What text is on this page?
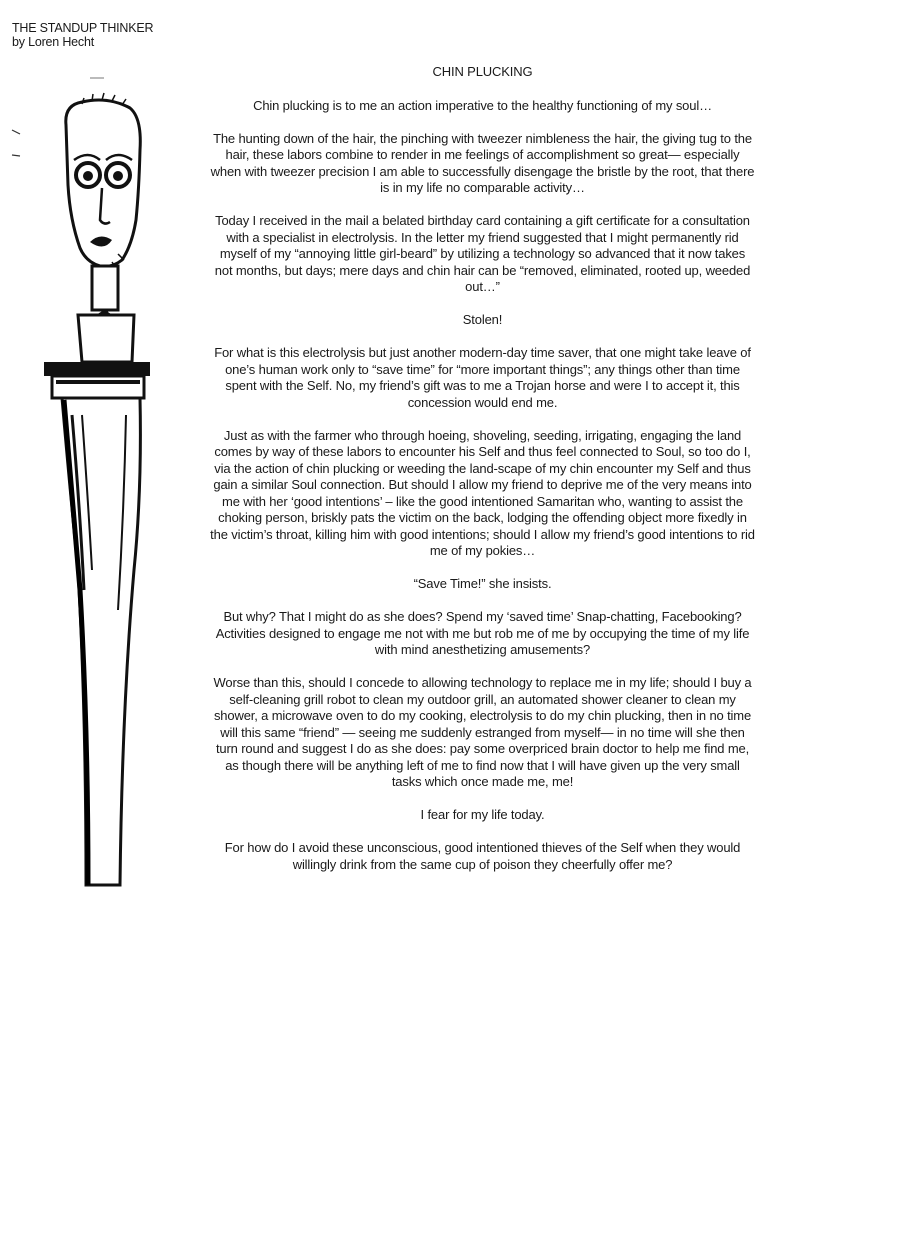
THE STANDUP THINKER
by Loren Hecht
CHIN PLUCKING

Chin plucking is to me an action imperative to the healthy functioning of my soul…

The hunting down of the hair, the pinching with tweezer nimbleness the hair, the giving tug to the hair, these labors combine to render in me feelings of accomplishment so great— especially when with tweezer precision I am able to successfully disengage the bristle by the root, that there is in my life no comparable activity…

Today I received in the mail a belated birthday card containing a gift certificate for a consultation with a specialist in electrolysis. In the letter my friend suggested that I might permanently rid myself of my “annoying little girl-beard” by utilizing a technology so advanced that it now takes not months, but days; mere days and chin hair can be “removed, eliminated, rooted up, weeded out…”

Stolen!

For what is this electrolysis but just another modern-day time saver, that one might take leave of one’s human work only to “save time” for “more important things”; any things other than time spent with the Self. No, my friend’s gift was to me a Trojan horse and were I to accept it, this concession would end me.

Just as with the farmer who through hoeing, shoveling, seeding, irrigating, engaging the land comes by way of these labors to encounter his Self and thus feel connected to Soul, so too do I, via the action of chin plucking or weeding the land-scape of my chin encounter my Self and thus gain a similar Soul connection. But should I allow my friend to deprive me of the very means into me with her ‘good intentions’ – like the good intentioned Samaritan who, wanting to assist the choking person, briskly pats the victim on the back, lodging the offending object more fixedly in the victim’s throat, killing him with good intentions; should I allow my friend’s good intentions to rid me of my pokies…

“Save Time!” she insists.

But why? That I might do as she does? Spend my ‘saved time’ Snap-chatting, Facebooking? Activities designed to engage me not with me but rob me of me by occupying the time of my life with mind anesthetizing amusements?

Worse than this, should I concede to allowing technology to replace me in my life; should I buy a self-cleaning grill robot to clean my outdoor grill, an automated shower cleaner to clean my shower, a microwave oven to do my cooking, electrolysis to do my chin plucking, then in no time will this same “friend” — seeing me suddenly estranged from myself— in no time will she then turn round and suggest I do as she does: pay some overpriced brain doctor to help me find me, as though there will be anything left of me to find now that I will have given up the very small tasks which once made me, me!

I fear for my life today.

For how do I avoid these unconscious, good intentioned thieves of the Self when they would willingly drink from the same cup of poison they cheerfully offer me?
